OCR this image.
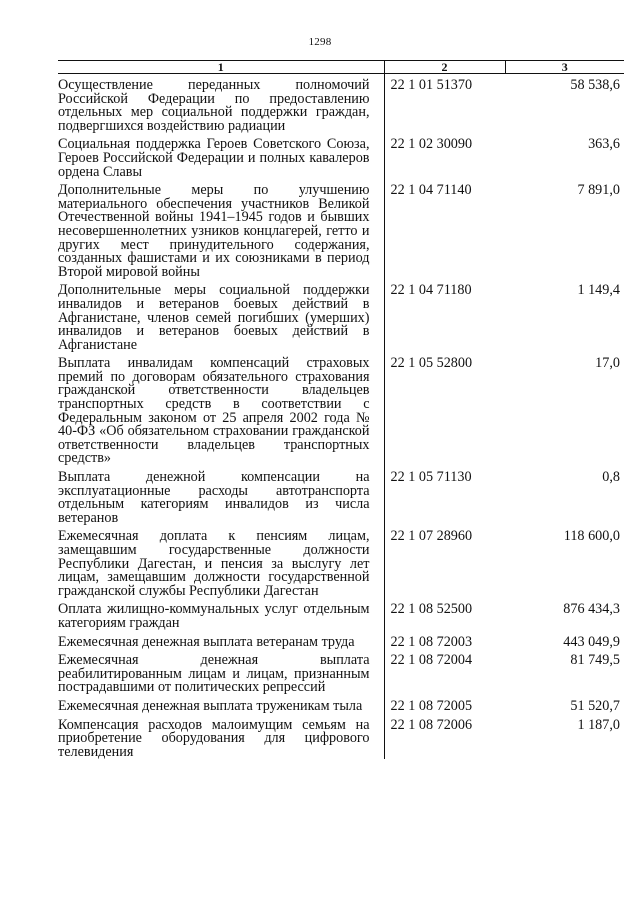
1298
1	2	3
Осуществление переданных полномочий Российской Федерации по предоставлению отдельных мер социальной поддержки граждан, подвергшихся воздействию радиации	22 1 01 51370	58 538,6
Социальная поддержка Героев Советского Союза, Героев Российской Федерации и полных кавалеров ордена Славы	22 1 02 30090	363,6
Дополнительные меры по улучшению материального обеспечения участников Великой Отечественной войны 1941–1945 годов и бывших несовершеннолетних узников концлагерей, гетто и других мест принудительного содержания, созданных фашистами и их союзниками в период Второй мировой войны	22 1 04 71140	7 891,0
Дополнительные меры социальной поддержки инвалидов и ветеранов боевых действий в Афганистане, членов семей погибших (умерших) инвалидов и ветеранов боевых действий в Афганистане	22 1 04 71180	1 149,4
Выплата инвалидам компенсаций страховых премий по договорам обязательного страхования гражданской ответственности владельцев транспортных средств в соответствии с Федеральным законом от 25 апреля 2002 года № 40-ФЗ «Об обязательном страховании гражданской ответственности владельцев транспортных средств»	22 1 05 52800	17,0
Выплата денежной компенсации на эксплуатационные расходы автотранспорта отдельным категориям инвалидов из числа ветеранов	22 1 05 71130	0,8
Ежемесячная доплата к пенсиям лицам, замещавшим государственные должности Республики Дагестан, и пенсия за выслугу лет лицам, замещавшим должности государственной гражданской службы Республики Дагестан	22 1 07 28960	118 600,0
Оплата жилищно-коммунальных услуг отдельным категориям граждан	22 1 08 52500	876 434,3
Ежемесячная денежная выплата ветеранам труда	22 1 08 72003	443 049,9
Ежемесячная денежная выплата реабилитированным лицам и лицам, признанным пострадавшими от политических репрессий	22 1 08 72004	81 749,5
Ежемесячная денежная выплата труженикам тыла	22 1 08 72005	51 520,7
Компенсация расходов малоимущим семьям на приобретение оборудования для цифрового телевидения	22 1 08 72006	1 187,0
